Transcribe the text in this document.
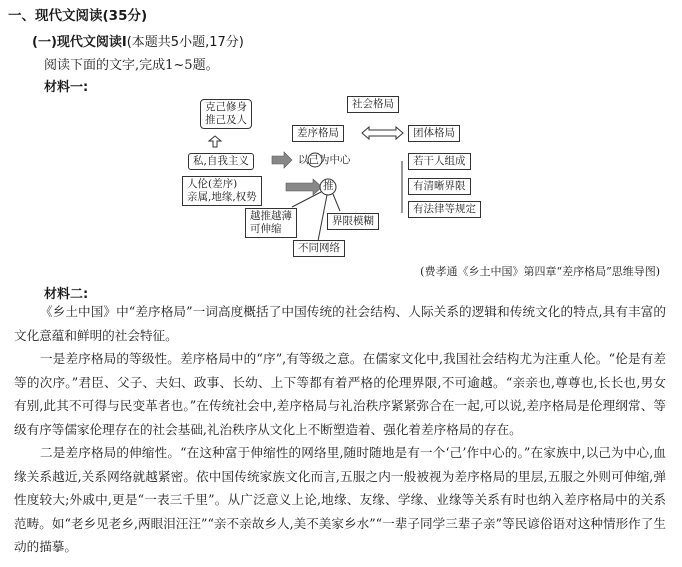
一、现代文阅读(35分)
(一)现代文阅读Ⅰ(本题共5小题,17分)
阅读下面的文字,完成1~5题。
材料一:
克己修身
推己及人
社会格局
差序格局	团体格局
私,自我主义	以己为中心	若干人组成
人伦(差序)
亲属,地缘,权势
推	有清晰界限
有法律等规定
越推越薄
可伸缩
界限模糊
不同网络
(费孝通《乡土中国》第四章“差序格局”思维导图)
材料二:
《乡土中国》中“差序格局”一词高度概括了中国传统的社会结构、人际关系的逻辑和传统文化的特点,具有丰富的文化意蕴和鲜明的社会特征。
一是差序格局的等级性。差序格局中的“序”,有等级之意。在儒家文化中,我国社会结构尤为注重人伦。“伦是有差等的次序。”君臣、父子、夫妇、政事、长幼、上下等都有着严格的伦理界限,不可逾越。“亲亲也,尊尊也,长长也,男女有别,此其不可得与民变革者也。”在传统社会中,差序格局与礼治秩序紧紧弥合在一起,可以说,差序格局是伦理纲常、等级有序等儒家伦理存在的社会基础,礼治秩序从文化上不断塑造着、强化着差序格局的存在。
二是差序格局的伸缩性。“在这种富于伸缩性的网络里,随时随地是有一个‘己’作中心的。”在家族中,以己为中心,血缘关系越近,关系网络就越紧密。依中国传统家族文化而言,五服之内一般被视为差序格局的里层,五服之外则可伸缩,弹性度较大;外戚中,更是“一表三千里”。从广泛意义上论,地缘、友缘、学缘、业缘等关系有时也纳入差序格局中的关系范畴。如“老乡见老乡,两眼泪汪汪”“亲不亲故乡人,美不美家乡水”“一辈子同学三辈子亲”等民谚俗语对这种情形作了生动的描摹。
